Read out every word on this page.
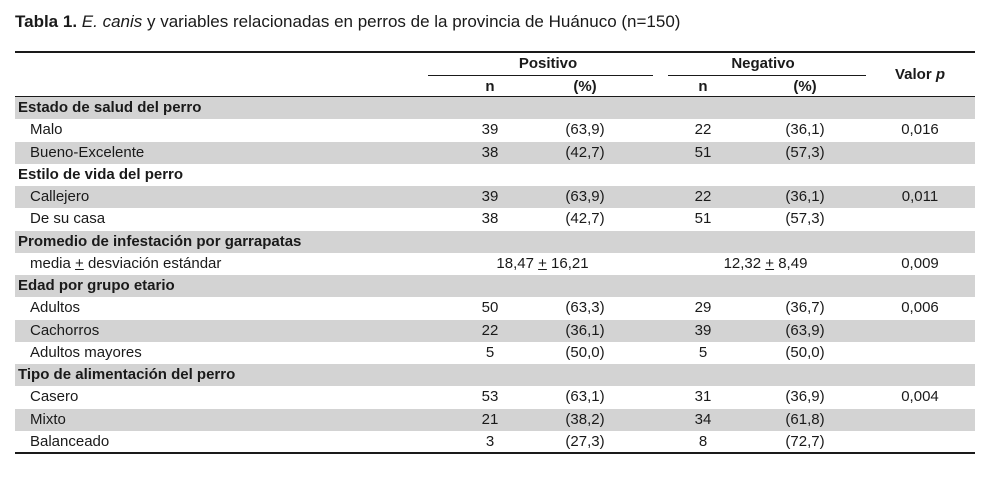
Tabla 1. E. canis y variables relacionadas en perros de la provincia de Huánuco (n=150)
Positivo	Negativo
Valor p
n	(%)	n	(%)
Estado de salud del perro
Malo	39	(63,9)	22	(36,1)	0,016
Bueno-Excelente	38	(42,7)	51	(57,3)
Estilo de vida del perro
Callejero	39	(63,9)	22	(36,1)	0,011
De su casa	38	(42,7)	51	(57,3)
Promedio de infestación por garrapatas
media + desviación estándar	18,47 + 16,21	12,32 + 8,49	0,009
Edad por grupo etario
Adultos	50	(63,3)	29	(36,7)	0,006
Cachorros	22	(36,1)	39	(63,9)
Adultos mayores	5	(50,0)	5	(50,0)
Tipo de alimentación del perro
Casero	53	(63,1)	31	(36,9)	0,004
Mixto	21	(38,2)	34	(61,8)
Balanceado	3	(27,3)	8	(72,7)
